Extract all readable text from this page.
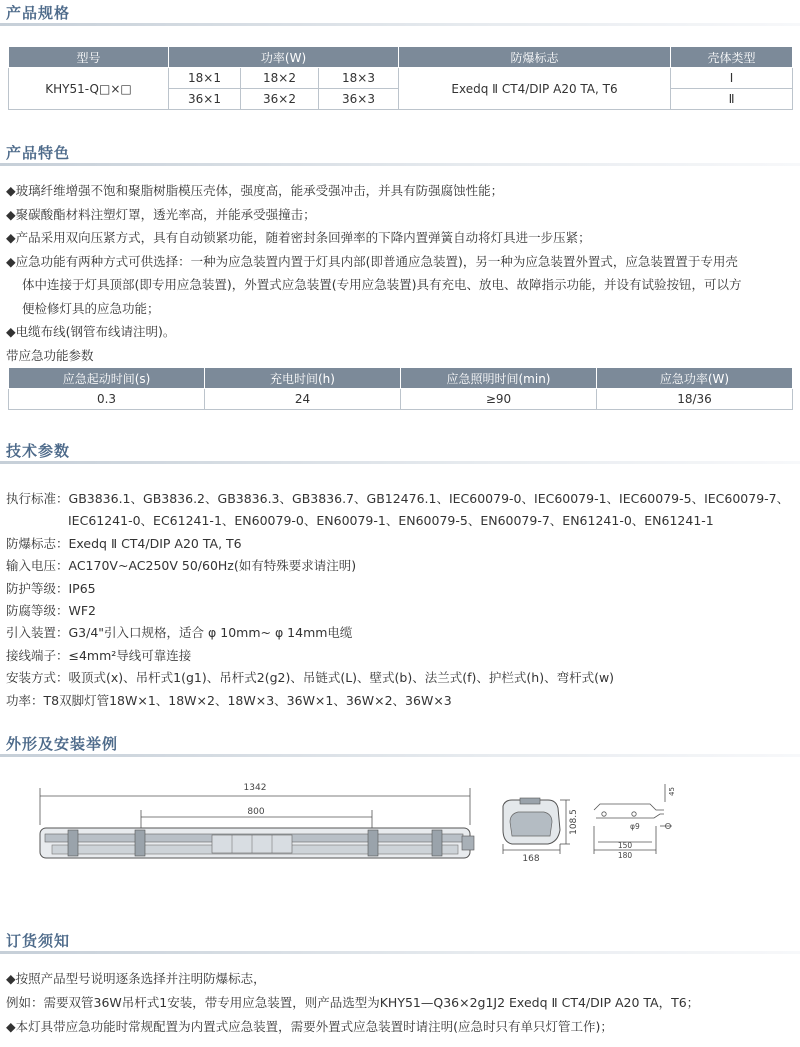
产品规格
型号	功率(W)			防爆标志	壳体类型
KHY51-Q□×□	18×1	18×2	18×3	Exedq Ⅱ CT4/DIP A20 TA, T6	Ⅰ
	36×1	36×2	36×3		Ⅱ
产品特色

◆玻璃纤维增强不饱和聚脂树脂模压壳体，强度高，能承受强冲击，并具有防强腐蚀性能；

◆聚碳酸酯材料注塑灯罩，透光率高，并能承受强撞击；

◆产品采用双向压紧方式，具有自动锁紧功能，随着密封条回弹率的下降内置弹簧自动将灯具进一步压紧；

◆应急功能有两种方式可供选择：一种为应急装置内置于灯具内部(即普通应急装置)，另一种为应急装置外置式，应急装置置于专用壳

体中连接于灯具顶部(即专用应急装置)，外置式应急装置(专用应急装置)具有充电、放电、故障指示功能，并设有试验按钮，可以方

便检修灯具的应急功能；

◆电缆布线(钢管布线请注明)。

带应急功能参数
应急起动时间(s)	充电时间(h)	应急照明时间(min)	应急功率(W)
0.3	24	≥90	18/36
技术参数
执行标准：GB3836.1、GB3836.2、GB3836.3、GB3836.7、GB12476.1、IEC60079-0、IEC60079-1、IEC60079-5、IEC60079-7、
IEC61241-0、EC61241-1、EN60079-0、EN60079-1、EN60079-5、EN60079-7、EN61241-0、EN61241-1
防爆标志：Exedq Ⅱ CT4/DIP A20 TA, T6
输入电压：AC170V~AC250V 50/60Hz(如有特殊要求请注明)
防护等级：IP65
防腐等级：WF2
引入装置：G3/4"引入口规格，适合 φ 10mm~ φ 14mm电缆
接线端子：≤4mm²导线可靠连接
安装方式：吸顶式(x)、吊杆式1(g1)、吊杆式2(g2)、吊链式(L)、壁式(b)、法兰式(f)、护栏式(h)、弯杆式(w)
功率：T8双脚灯管18W×1、18W×2、18W×3、36W×1、36W×2、36W×3
外形及安装举例
1342
800
168
108.5	φ9
150
180
45
订货须知

◆按照产品型号说明逐条选择并注明防爆标志，

例如：需要双管36W吊杆式1安装，带专用应急装置，则产品选型为KHY51—Q36×2g1J2 Exedq Ⅱ CT4/DIP A20 TA，T6；

◆本灯具带应急功能时常规配置为内置式应急装置，需要外置式应急装置时请注明(应急时只有单只灯管工作)；
